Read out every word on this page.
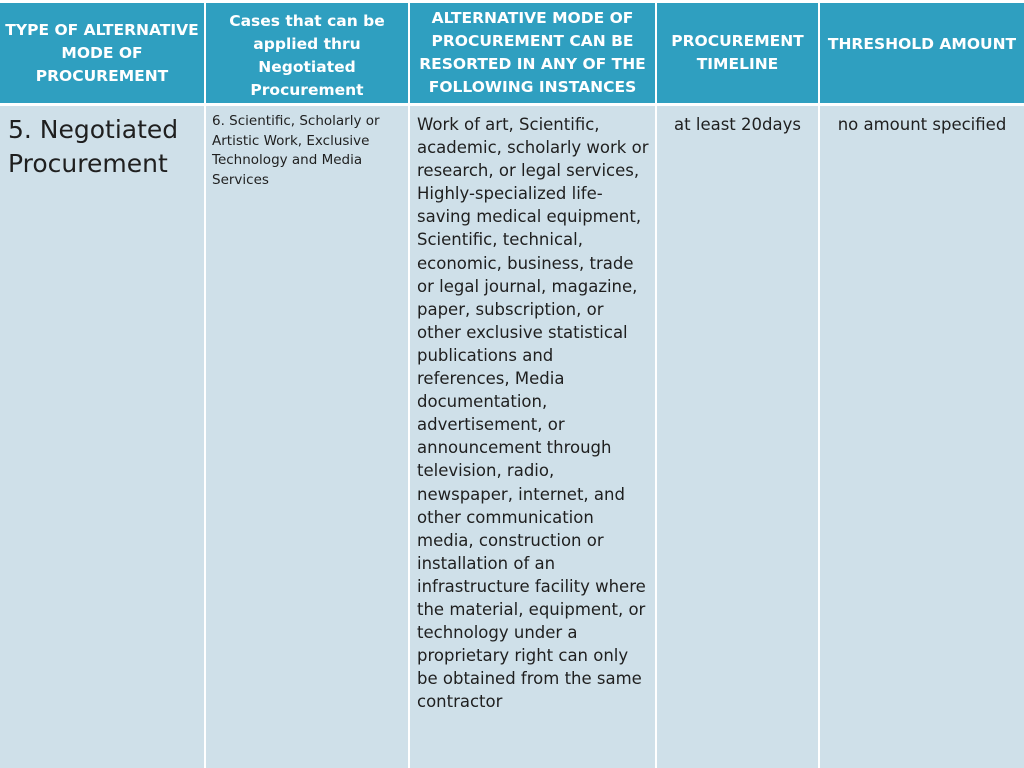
TYPE OF ALTERNATIVE MODE OF PROCUREMENT
Cases that can be applied thru Negotiated Procurement
ALTERNATIVE MODE OF PROCUREMENT CAN BE RESORTED IN ANY OF THE FOLLOWING INSTANCES
PROCUREMENT TIMELINE
THRESHOLD AMOUNT
5. Negotiated Procurement
6. Scientific, Scholarly or Artistic Work, Exclusive Technology and Media Services
Work of art, Scientific, academic, scholarly work or research, or legal services, Highly-specialized life-saving medical equipment, Scientific, technical, economic, business, trade or legal journal, magazine, paper, subscription, or other exclusive statistical publications and references, Media documentation, advertisement, or announcement through television, radio, newspaper, internet, and other communication media, construction or installation of an infrastructure facility where the material, equipment, or technology under a proprietary right can only be obtained from the same contractor
at least 20days	no amount specified
